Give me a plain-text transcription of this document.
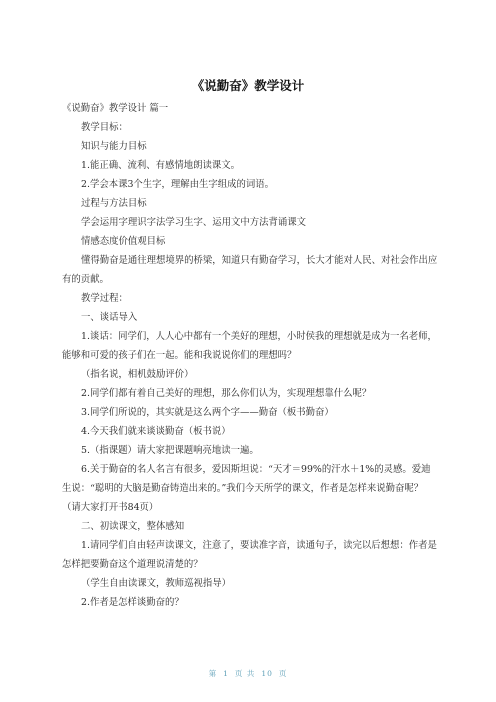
《说勤奋》教学设计

《说勤奋》教学设计 篇一

教学目标：

知识与能力目标

1.能正确、流利、有感情地朗读课文。

2.学会本课3个生字，理解由生字组成的词语。

过程与方法目标

学会运用字理识字法学习生字、运用文中方法背诵课文

情感态度价值观目标

懂得勤奋是通往理想境界的桥梁，知道只有勤奋学习，长大才能对人民、对社会作出应有的贡献。

教学过程：

一、谈话导入

1.谈话：同学们，人人心中都有一个美好的理想，小时侯我的理想就是成为一名老师，能够和可爱的孩子们在一起。能和我说说你们的理想吗？

（指名说，相机鼓励评价）

2.同学们都有着自己美好的理想，那么你们认为，实现理想靠什么呢？

3.同学们所说的，其实就是这么两个字——勤奋（板书勤奋）

4.今天我们就来谈谈勤奋（板书说）

5.（指课题）请大家把课题响亮地读一遍。

6.关于勤奋的名人名言有很多，爱因斯坦说：“天才＝99%的汗水＋1%的灵感。爱迪生说：“聪明的大脑是勤奋铸造出来的。”我们今天所学的课文，作者是怎样来说勤奋呢？（请大家打开书84页）

二、初读课文，整体感知

1.请同学们自由轻声读课文，注意了，要读准字音，读通句子，读完以后想想：作者是怎样把要勤奋这个道理说清楚的？

（学生自由读课文，教师巡视指导）

2.作者是怎样谈勤奋的？

第 1 页 共 10 页
